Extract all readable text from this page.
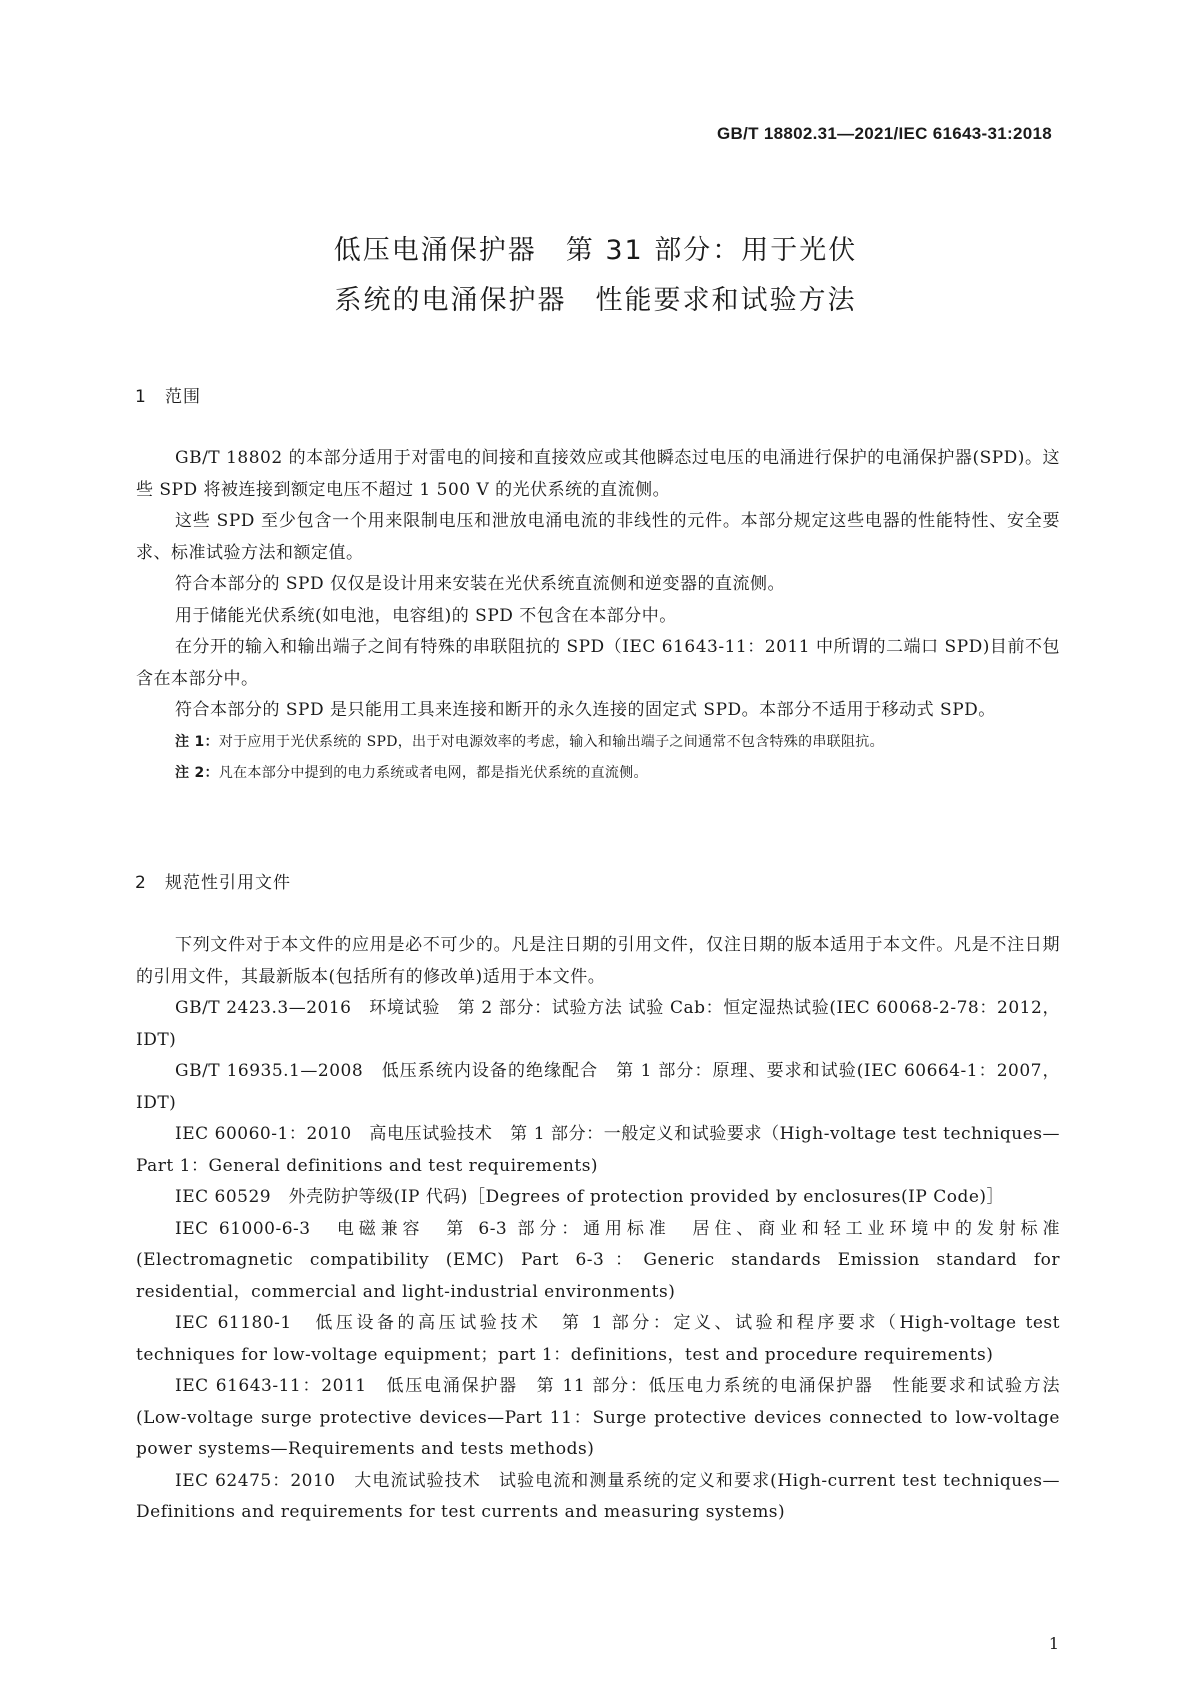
GB/T 18802.31—2021/IEC 61643-31:2018
低压电涌保护器　第 31 部分：用于光伏
系统的电涌保护器　性能要求和试验方法
1 范围

GB/T 18802 的本部分适用于对雷电的间接和直接效应或其他瞬态过电压的电涌进行保护的电涌保护器(SPD)。这些 SPD 将被连接到额定电压不超过 1 500 V 的光伏系统的直流侧。

这些 SPD 至少包含一个用来限制电压和泄放电涌电流的非线性的元件。本部分规定这些电器的性能特性、安全要求、标准试验方法和额定值。

符合本部分的 SPD 仅仅是设计用来安装在光伏系统直流侧和逆变器的直流侧。

用于储能光伏系统(如电池，电容组)的 SPD 不包含在本部分中。

在分开的输入和输出端子之间有特殊的串联阻抗的 SPD（IEC 61643-11：2011 中所谓的二端口 SPD)目前不包含在本部分中。

符合本部分的 SPD 是只能用工具来连接和断开的永久连接的固定式 SPD。本部分不适用于移动式 SPD。

注 1：对于应用于光伏系统的 SPD，出于对电源效率的考虑，输入和输出端子之间通常不包含特殊的串联阻抗。

注 2：凡在本部分中提到的电力系统或者电网，都是指光伏系统的直流侧。

2 规范性引用文件

下列文件对于本文件的应用是必不可少的。凡是注日期的引用文件，仅注日期的版本适用于本文件。凡是不注日期的引用文件，其最新版本(包括所有的修改单)适用于本文件。

GB/T 2423.3—2016　环境试验　第 2 部分：试验方法 试验 Cab：恒定湿热试验(IEC 60068-2-78：2012，IDT)

GB/T 16935.1—2008　低压系统内设备的绝缘配合　第 1 部分：原理、要求和试验(IEC 60664-1：2007，IDT)

IEC 60060-1：2010　高电压试验技术　第 1 部分：一般定义和试验要求（High-voltage test techniques—Part 1：General definitions and test requirements)

IEC 60529　外壳防护等级(IP 代码)［Degrees of protection provided by enclosures(IP Code)］

IEC 61000-6-3　电磁兼容　第 6-3 部分：通用标准　居住、商业和轻工业环境中的发射标准(Electromagnetic compatibility (EMC) Part 6-3：Generic standards Emission standard for residential，commercial and light-industrial environments)

IEC 61180-1　低压设备的高压试验技术　第 1 部分：定义、试验和程序要求（High-voltage test techniques for low-voltage equipment；part 1：definitions，test and procedure requirements)

IEC 61643-11：2011　低压电涌保护器　第 11 部分：低压电力系统的电涌保护器　性能要求和试验方法(Low-voltage surge protective devices—Part 11：Surge protective devices connected to low-voltage power systems—Requirements and tests methods)

IEC 62475：2010　大电流试验技术　试验电流和测量系统的定义和要求(High-current test techniques—Definitions and requirements for test currents and measuring systems)

1
